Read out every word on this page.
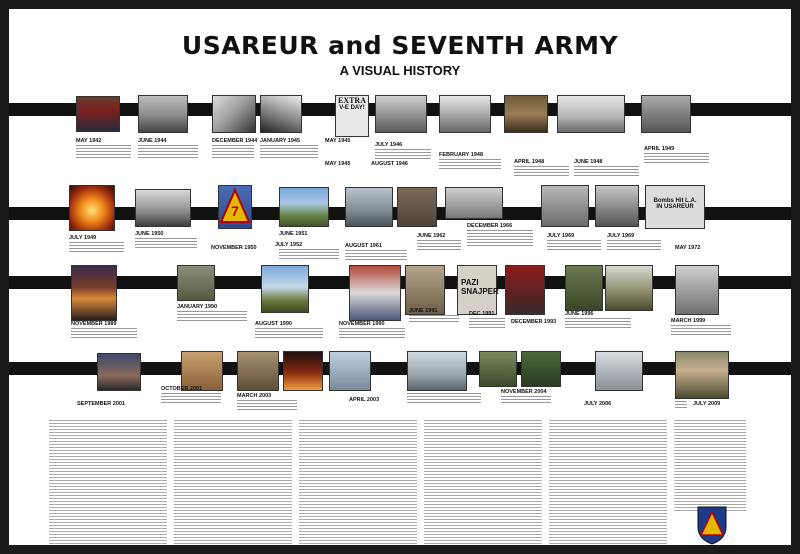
USAREUR and SEVENTH ARMY
A VISUAL HISTORY
EXTRA
V-E DAY!
MAY 1942	JUNE 1944	DECEMBER 1944 JANUARY 1945	MAY 1945
JULY 1946
AUGUST 1946
MAY 1945
FEBRUARY 1948
APRIL 1948	JUNE 1948
APRIL 1949
7
Bombs Hit L.A.
IN USAREUR
JULY 1949
JUNE 1950
NOVEMBER 1950
JUNE 1951
JULY 1952	AUGUST 1961
JUNE 1962
DECEMBER 1966
JULY 1969	JULY 1969
MAY 1972
PAZI SNAJPER
NOVEMBER 1989
JANUARY 1990
AUGUST 1990	NOVEMBER 1990
JUNE 1991	DEC 1991
DECEMBER 1993
JUNE 1996
MARCH 1999
SEPTEMBER 2001
OCTOBER 2001
MARCH 2003
APRIL 2003
NOVEMBER 2004
JULY 2006	JULY 2009
